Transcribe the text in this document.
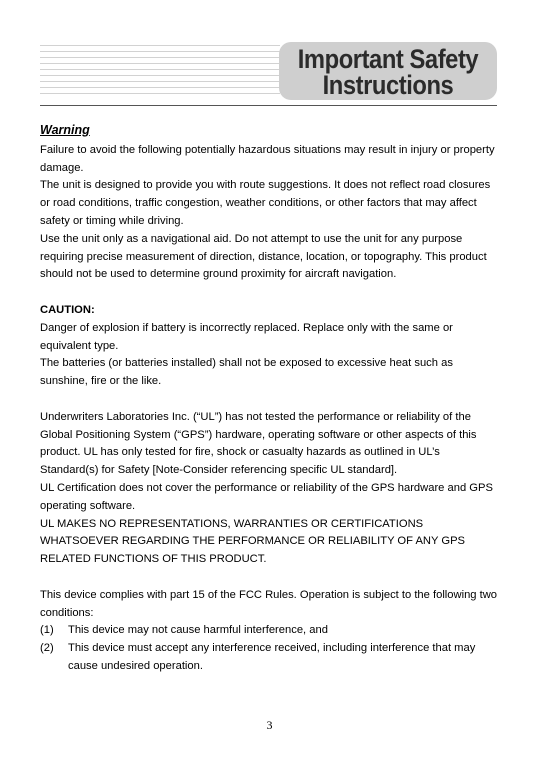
Important Safety
Instructions

Warning

Failure to avoid the following potentially hazardous situations may result in injury or property damage.

The unit is designed to provide you with route suggestions. It does not reflect road closures or road conditions, traffic congestion, weather conditions, or other factors that may affect safety or timing while driving.

Use the unit only as a navigational aid. Do not attempt to use the unit for any purpose requiring precise measurement of direction, distance, location, or topography. This product should not be used to determine ground proximity for aircraft navigation.

CAUTION:

Danger of explosion if battery is incorrectly replaced. Replace only with the same or equivalent type.

The batteries (or batteries installed) shall not be exposed to excessive heat such as sunshine, fire or the like.

Underwriters Laboratories Inc. (“UL”) has not tested the performance or reliability of the Global Positioning System (“GPS”) hardware, operating software or other aspects of this product. UL has only tested for fire, shock or casualty hazards as outlined in UL’s Standard(s) for Safety [Note-Consider referencing specific UL standard].

UL Certification does not cover the performance or reliability of the GPS hardware and GPS operating software.

UL MAKES NO REPRESENTATIONS, WARRANTIES OR CERTIFICATIONS WHATSOEVER REGARDING THE PERFORMANCE OR RELIABILITY OF ANY GPS RELATED FUNCTIONS OF THIS PRODUCT.

This device complies with part 15 of the FCC Rules. Operation is subject to the following two conditions:

(1)	This device may not cause harmful interference, and
(2)	This device must accept any interference received, including interference that may cause undesired operation.
3
